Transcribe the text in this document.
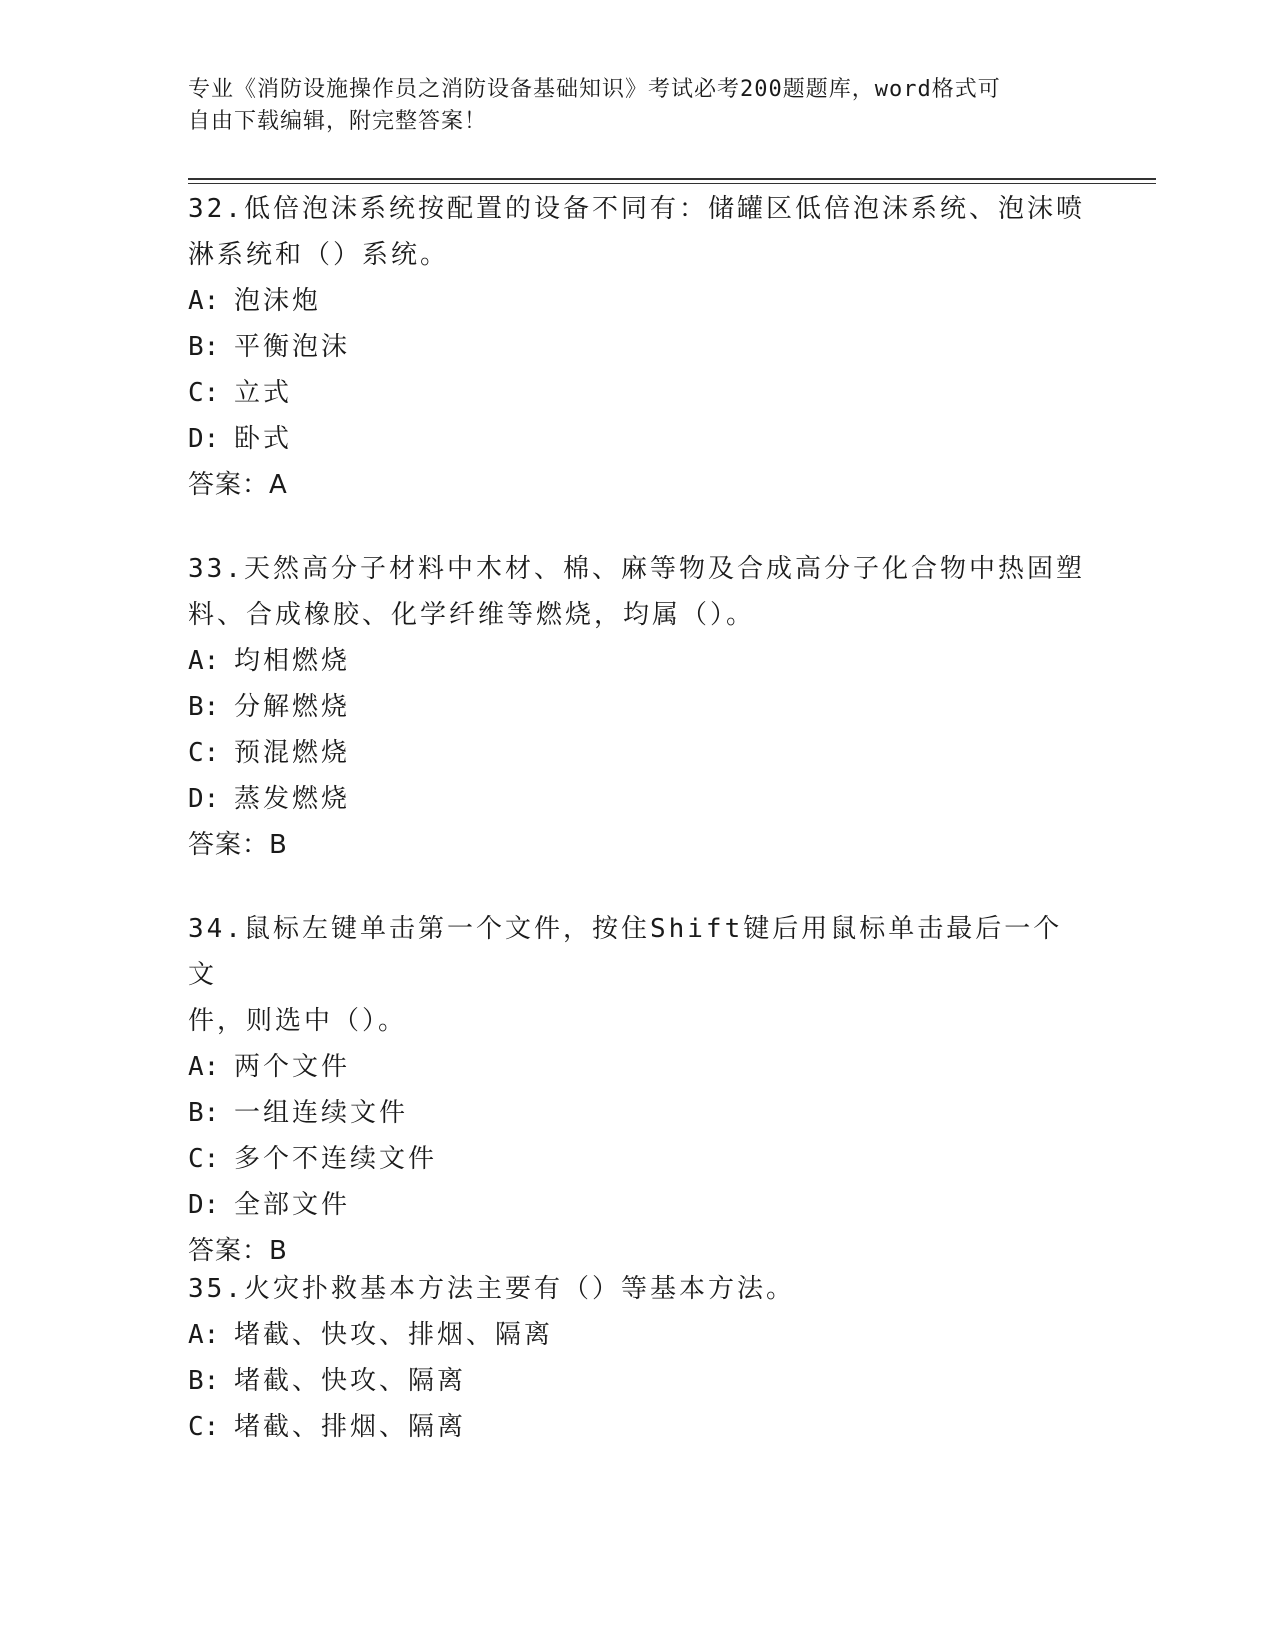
专业《消防设施操作员之消防设备基础知识》考试必考200题题库，word格式可
自由下载编辑，附完整答案！
32.低倍泡沫系统按配置的设备不同有：储罐区低倍泡沫系统、泡沫喷
淋系统和（）系统。
A: 泡沫炮
B: 平衡泡沫
C: 立式
D: 卧式
答案：A
33.天然高分子材料中木材、棉、麻等物及合成高分子化合物中热固塑
料、合成橡胶、化学纤维等燃烧，均属（）。
A: 均相燃烧
B: 分解燃烧
C: 预混燃烧
D: 蒸发燃烧
答案：B
34.鼠标左键单击第一个文件，按住Shift键后用鼠标单击最后一个文
件，则选中（）。
A: 两个文件
B: 一组连续文件
C: 多个不连续文件
D: 全部文件
答案：B
35.火灾扑救基本方法主要有（）等基本方法。
A: 堵截、快攻、排烟、隔离
B: 堵截、快攻、隔离
C: 堵截、排烟、隔离
